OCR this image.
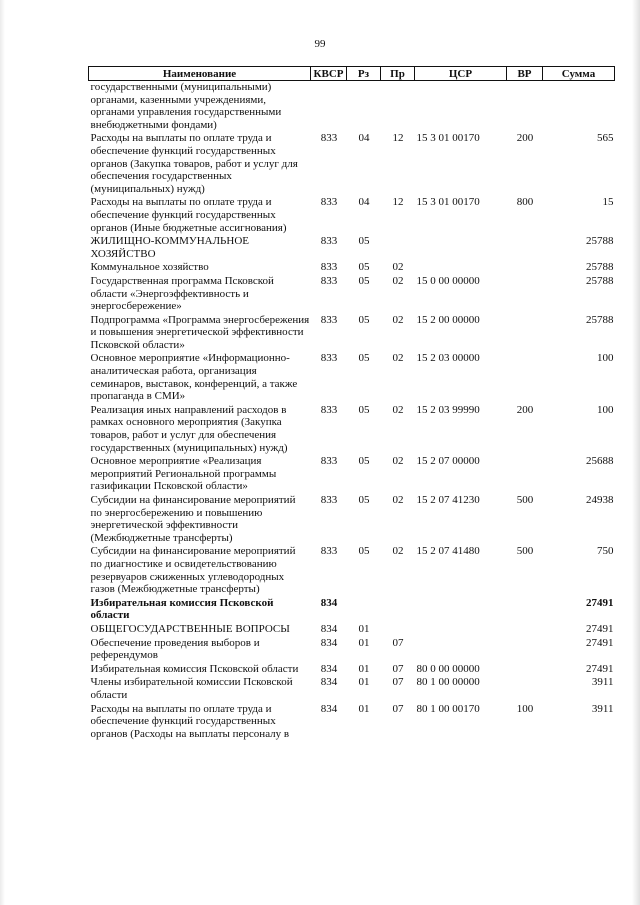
99
Наименование	КВСР	Рз	Пр	ЦСР	ВР	Сумма
государственными (муниципальными) органами, казенными учреждениями, органами управления государственными внебюджетными фондами)						
Расходы на выплаты по оплате труда и обеспечение функций государственных органов (Закупка товаров, работ и услуг для обеспечения государственных (муниципальных) нужд)	833	04	12	15 3 01 00170	200	565
Расходы на выплаты по оплате труда и обеспечение функций государственных органов (Иные бюджетные ассигнования)	833	04	12	15 3 01 00170	800	15
ЖИЛИЩНО-КОММУНАЛЬНОЕ ХОЗЯЙСТВО	833	05				25788
Коммунальное хозяйство	833	05	02			25788
Государственная программа Псковской области «Энергоэффективность и энергосбережение»	833	05	02	15 0 00 00000		25788
Подпрограмма «Программа энергосбережения и повышения энергетической эффективности Псковской области»	833	05	02	15 2 00 00000		25788
Основное мероприятие «Информационно-аналитическая работа, организация семинаров, выставок, конференций, а также пропаганда в СМИ»	833	05	02	15 2 03 00000		100
Реализация иных направлений расходов в рамках основного мероприятия (Закупка товаров, работ и услуг для обеспечения государственных (муниципальных) нужд)	833	05	02	15 2 03 99990	200	100
Основное мероприятие «Реализация мероприятий Региональной программы газификации Псковской области»	833	05	02	15 2 07 00000		25688
Субсидии на финансирование мероприятий по энергосбережению и повышению энергетической эффективности (Межбюджетные трансферты)	833	05	02	15 2 07 41230	500	24938
Субсидии на финансирование мероприятий по диагностике и освидетельствованию резервуаров сжиженных углеводородных газов (Межбюджетные трансферты)	833	05	02	15 2 07 41480	500	750
Избирательная комиссия Псковской области	834					27491
ОБЩЕГОСУДАРСТВЕННЫЕ ВОПРОСЫ	834	01				27491
Обеспечение проведения выборов и референдумов	834	01	07			27491
Избирательная комиссия Псковской области	834	01	07	80 0 00 00000		27491
Члены избирательной комиссии Псковской области	834	01	07	80 1 00 00000		3911
Расходы на выплаты по оплате труда и обеспечение функций государственных органов (Расходы на выплаты персоналу в	834	01	07	80 1 00 00170	100	3911
